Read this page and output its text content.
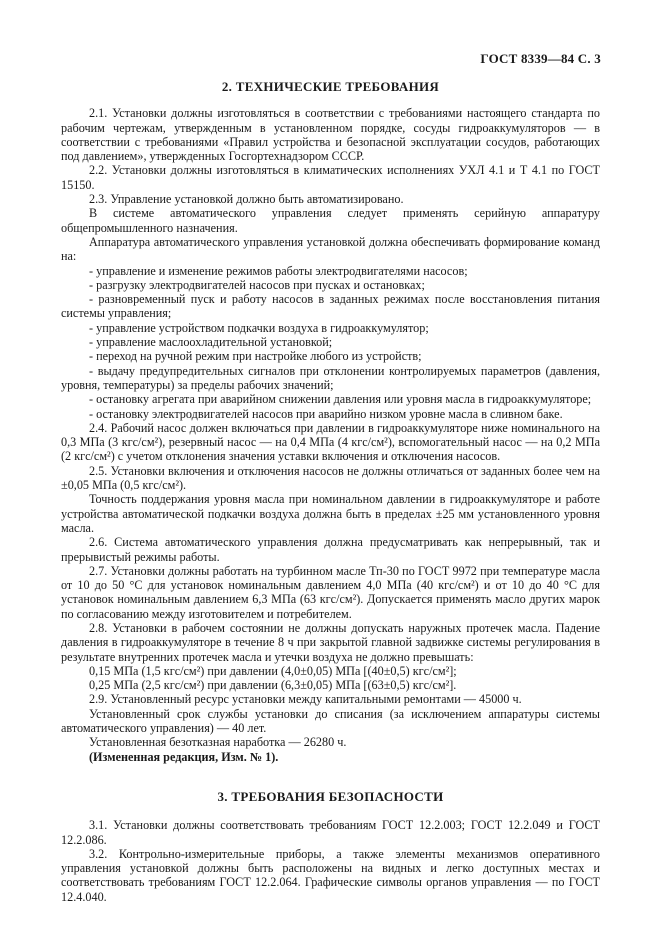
ГОСТ 8339—84 С. 3
2. ТЕХНИЧЕСКИЕ ТРЕБОВАНИЯ

2.1. Установки должны изготовляться в соответствии с требованиями настоящего стандарта по рабочим чертежам, утвержденным в установленном порядке, сосуды гидроаккумуляторов — в соответствии с требованиями «Правил устройства и безопасной эксплуатации сосудов, работающих под давлением», утвержденных Госгортехнадзором СССР.

2.2. Установки должны изготовляться в климатических исполнениях УХЛ 4.1 и Т 4.1 по ГОСТ 15150.

2.3. Управление установкой должно быть автоматизировано.

В системе автоматического управления следует применять серийную аппаратуру общепромышленного назначения.

Аппаратура автоматического управления установкой должна обеспечивать формирование команд на:

- управление и изменение режимов работы электродвигателями насосов;

- разгрузку электродвигателей насосов при пусках и остановках;

- разновременный пуск и работу насосов в заданных режимах после восстановления питания системы управления;

- управление устройством подкачки воздуха в гидроаккумулятор;

- управление маслоохладительной установкой;

- переход на ручной режим при настройке любого из устройств;

- выдачу предупредительных сигналов при отклонении контролируемых параметров (давления, уровня, температуры) за пределы рабочих значений;

- остановку агрегата при аварийном снижении давления или уровня масла в гидроаккумуляторе;

- остановку электродвигателей насосов при аварийно низком уровне масла в сливном баке.

2.4. Рабочий насос должен включаться при давлении в гидроаккумуляторе ниже номинального на 0,3 МПа (3 кгс/см²), резервный насос — на 0,4 МПа (4 кгс/см²), вспомогательный насос — на 0,2 МПа (2 кгс/см²) с учетом отклонения значения уставки включения и отключения насосов.

2.5. Установки включения и отключения насосов не должны отличаться от заданных более чем на ±0,05 МПа (0,5 кгс/см²).

Точность поддержания уровня масла при номинальном давлении в гидроаккумуляторе и работе устройства автоматической подкачки воздуха должна быть в пределах ±25 мм установленного уровня масла.

2.6. Система автоматического управления должна предусматривать как непрерывный, так и прерывистый режимы работы.

2.7. Установки должны работать на турбинном масле Тп-30 по ГОСТ 9972 при температуре масла от 10 до 50 °С для установок номинальным давлением 4,0 МПа (40 кгс/см²) и от 10 до 40 °С для установок номинальным давлением 6,3 МПа (63 кгс/см²). Допускается применять масло других марок по согласованию между изготовителем и потребителем.

2.8. Установки в рабочем состоянии не должны допускать наружных протечек масла. Падение давления в гидроаккумуляторе в течение 8 ч при закрытой главной задвижке системы регулирования в результате внутренних протечек масла и утечки воздуха не должно превышать:

0,15 МПа (1,5 кгс/см²) при давлении (4,0±0,05) МПа [(40±0,5) кгс/см²];

0,25 МПа (2,5 кгс/см²) при давлении (6,3±0,05) МПа [(63±0,5) кгс/см²].

2.9. Установленный ресурс установки между капитальными ремонтами — 45000 ч.

Установленный срок службы установки до списания (за исключением аппаратуры системы автоматического управления) — 40 лет.

Установленная безотказная наработка — 26280 ч.

(Измененная редакция, Изм. № 1).

3. ТРЕБОВАНИЯ БЕЗОПАСНОСТИ

3.1. Установки должны соответствовать требованиям ГОСТ 12.2.003; ГОСТ 12.2.049 и ГОСТ 12.2.086.

3.2. Контрольно-измерительные приборы, а также элементы механизмов оперативного управления установкой должны быть расположены на видных и легко доступных местах и соответствовать требованиям ГОСТ 12.2.064. Графические символы органов управления — по ГОСТ 12.4.040.
